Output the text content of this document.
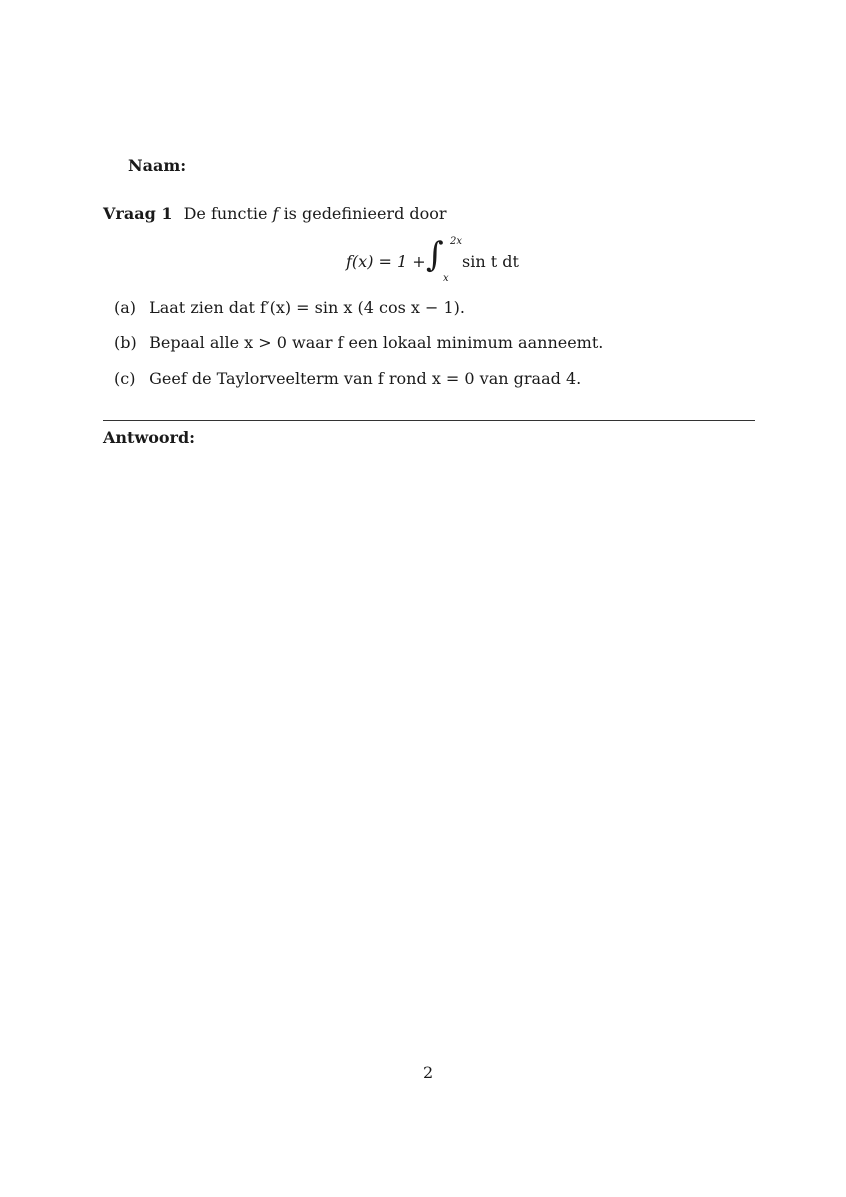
Naam:
Vraag 1 De functie f is gedefinieerd door
f(x) = 1 + ∫ 2x
x
sin t dt
(a) Laat zien dat f′(x) = sin x (4 cos x − 1).
(b) Bepaal alle x > 0 waar f een lokaal minimum aanneemt.
(c) Geef de Taylorveelterm van f rond x = 0 van graad 4.
Antwoord:
2
